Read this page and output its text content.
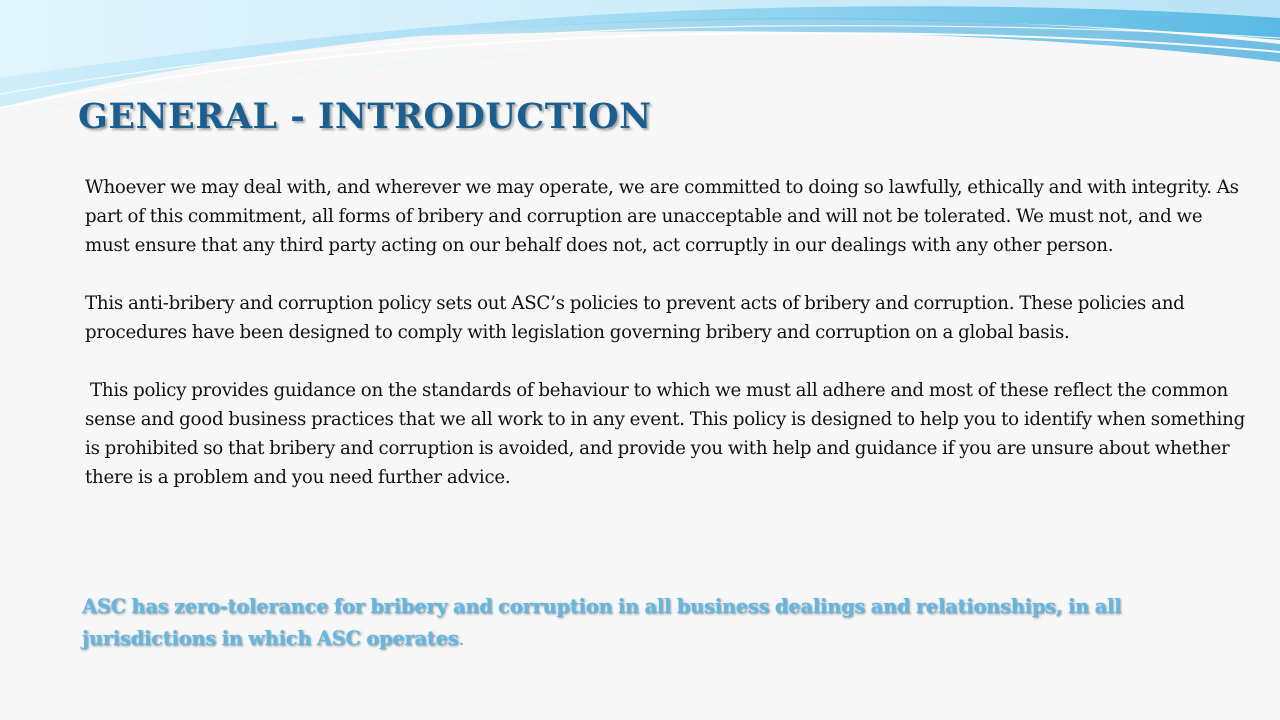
GENERAL - INTRODUCTION

Whoever we may deal with, and wherever we may operate, we are committed to doing so lawfully, ethically and with integrity. As part of this commitment, all forms of bribery and corruption are unacceptable and will not be tolerated. We must not, and we must ensure that any third party acting on our behalf does not, act corruptly in our dealings with any other person.

This anti-bribery and corruption policy sets out ASC’s policies to prevent acts of bribery and corruption. These policies and procedures have been designed to comply with legislation governing bribery and corruption on a global basis.

This policy provides guidance on the standards of behaviour to which we must all adhere and most of these reflect the common sense and good business practices that we all work to in any event. This policy is designed to help you to identify when something is prohibited so that bribery and corruption is avoided, and provide you with help and guidance if you are unsure about whether there is a problem and you need further advice.

ASC has zero-tolerance for bribery and corruption in all business dealings and relationships, in all jurisdictions in which ASC operates.
